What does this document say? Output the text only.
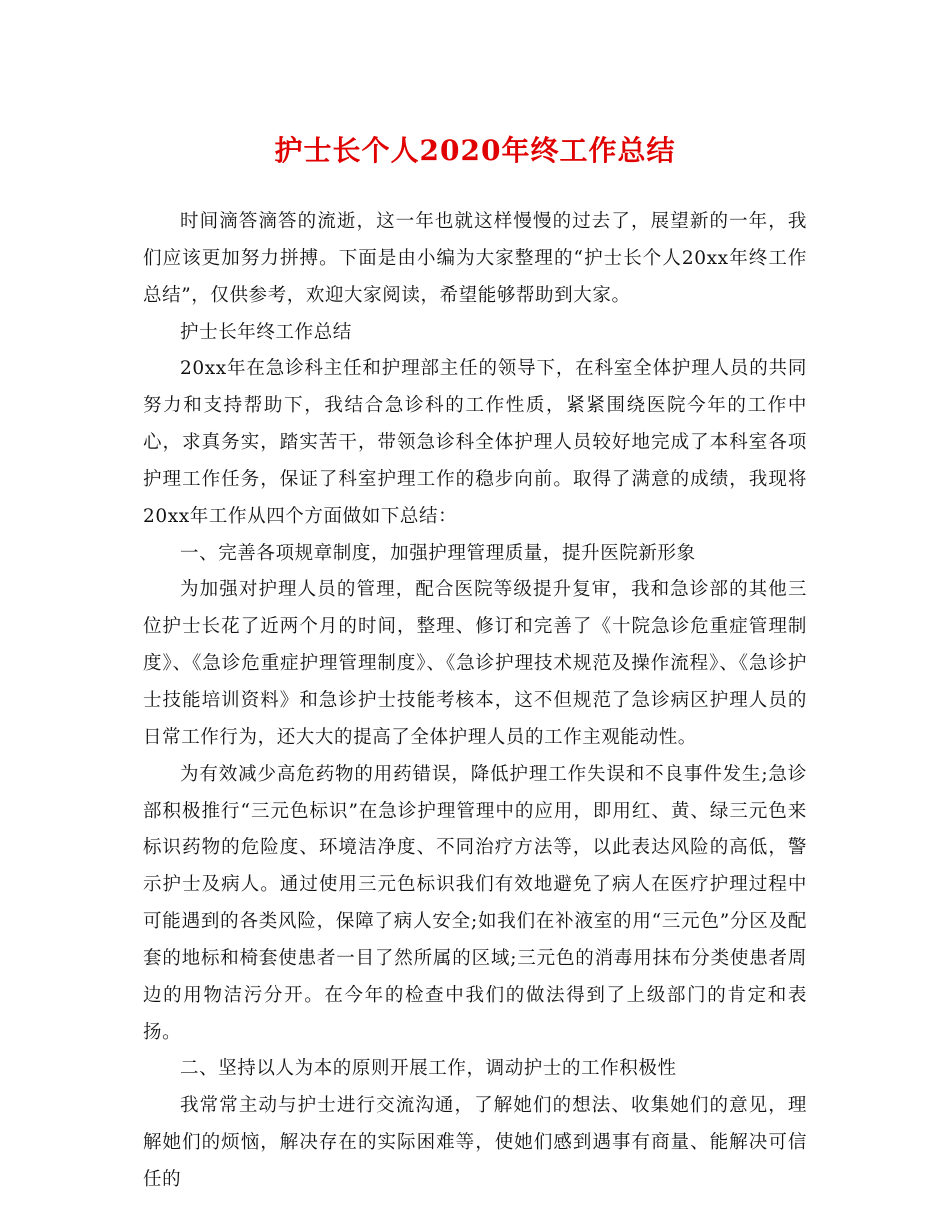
护士长个人2020年终工作总结

时间滴答滴答的流逝，这一年也就这样慢慢的过去了，展望新的一年，我们应该更加努力拼搏。下面是由小编为大家整理的“护士长个人20xx年终工作总结”，仅供参考，欢迎大家阅读，希望能够帮助到大家。

护士长年终工作总结

20xx年在急诊科主任和护理部主任的领导下，在科室全体护理人员的共同努力和支持帮助下，我结合急诊科的工作性质，紧紧围绕医院今年的工作中心，求真务实，踏实苦干，带领急诊科全体护理人员较好地完成了本科室各项护理工作任务，保证了科室护理工作的稳步向前。取得了满意的成绩，我现将20xx年工作从四个方面做如下总结：

一、完善各项规章制度，加强护理管理质量，提升医院新形象

为加强对护理人员的管理，配合医院等级提升复审，我和急诊部的其他三位护士长花了近两个月的时间，整理、修订和完善了《十院急诊危重症管理制度》、《急诊危重症护理管理制度》、《急诊护理技术规范及操作流程》、《急诊护士技能培训资料》和急诊护士技能考核本，这不但规范了急诊病区护理人员的日常工作行为，还大大的提高了全体护理人员的工作主观能动性。

为有效减少高危药物的用药错误，降低护理工作失误和不良事件发生;急诊部积极推行“三元色标识”在急诊护理管理中的应用，即用红、黄、绿三元色来标识药物的危险度、环境洁净度、不同治疗方法等，以此表达风险的高低，警示护士及病人。通过使用三元色标识我们有效地避免了病人在医疗护理过程中可能遇到的各类风险，保障了病人安全;如我们在补液室的用“三元色”分区及配套的地标和椅套使患者一目了然所属的区域;三元色的消毒用抹布分类使患者周边的用物洁污分开。在今年的检查中我们的做法得到了上级部门的肯定和表扬。

二、坚持以人为本的原则开展工作，调动护士的工作积极性

我常常主动与护士进行交流沟通，了解她们的想法、收集她们的意见，理解她们的烦恼，解决存在的实际困难等，使她们感到遇事有商量、能解决可信任的
